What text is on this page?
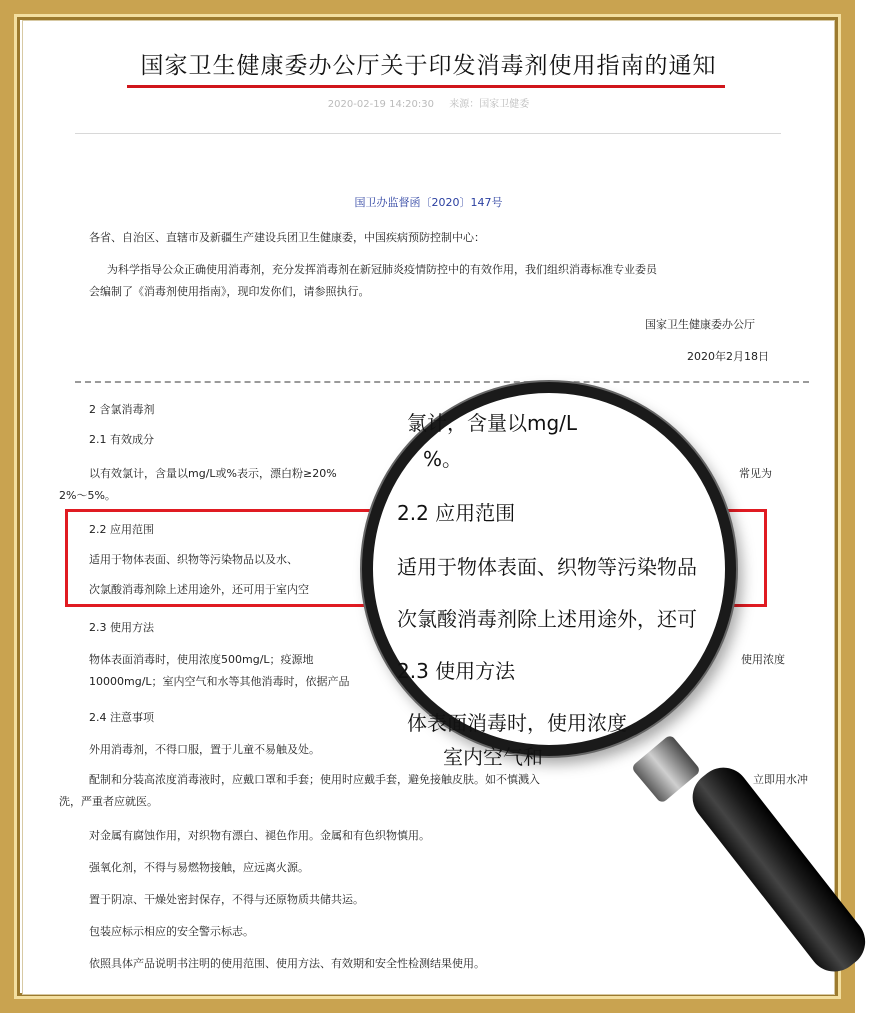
国家卫生健康委办公厅关于印发消毒剂使用指南的通知
2020-02-19 14:20:30 来源：国家卫健委
国卫办监督函〔2020〕147号
各省、自治区、直辖市及新疆生产建设兵团卫生健康委，中国疾病预防控制中心：
为科学指导公众正确使用消毒剂，充分发挥消毒剂在新冠肺炎疫情防控中的有效作用，我们组织消毒标准专业委员
会编制了《消毒剂使用指南》，现印发你们，请参照执行。
国家卫生健康委办公厅
2020年2月18日
2 含氯消毒剂
2.1 有效成分
以有效氯计，含量以mg/L或%表示，漂白粉≥20%	常见为
2%～5%。
2.2 应用范围
适用于物体表面、织物等污染物品以及水、
次氯酸消毒剂除上述用途外，还可用于室内空
2.3 使用方法
物体表面消毒时，使用浓度500mg/L；疫源地	使用浓度
10000mg/L；室内空气和水等其他消毒时，依据产品
2.4 注意事项
外用消毒剂，不得口服，置于儿童不易触及处。
配制和分装高浓度消毒液时，应戴口罩和手套；使用时应戴手套，避免接触皮肤。如不慎溅入	立即用水冲
洗，严重者应就医。
对金属有腐蚀作用，对织物有漂白、褪色作用。金属和有色织物慎用。
强氧化剂，不得与易燃物接触，应远离火源。
置于阴凉、干燥处密封保存，不得与还原物质共储共运。
包装应标示相应的安全警示标志。
依照具体产品说明书注明的使用范围、使用方法、有效期和安全性检测结果使用。
氯计，含量以mg/L
%。
2.2 应用范围
适用于物体表面、织物等污染物品
次氯酸消毒剂除上述用途外，还可
2.3 使用方法
体表面消毒时，使用浓度
室内空气和
